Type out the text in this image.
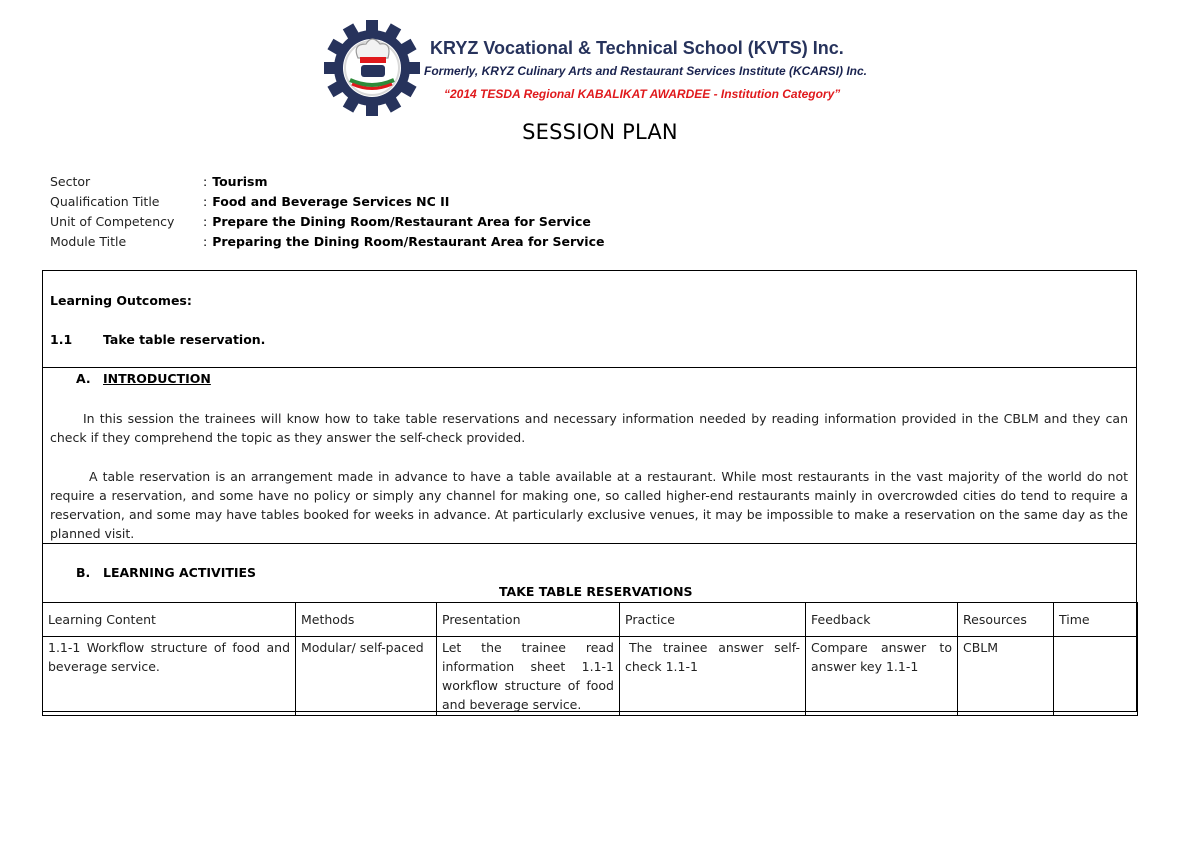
KRYZ Vocational & Technical School (KVTS) Inc.
Formerly, KRYZ Culinary Arts and Restaurant Services Institute (KCARSI) Inc.
“2014 TESDA Regional KABALIKAT AWARDEE - Institution Category”
SESSION PLAN
Sector	: Tourism
Qualification Title	: Food and Beverage Services NC II
Unit of Competency	: Prepare the Dining Room/Restaurant Area for Service
Module Title	: Preparing the Dining Room/Restaurant Area for Service
Learning Outcomes:
1.1 Take table reservation.
A. INTRODUCTION
In this session the trainees will know how to take table reservations and necessary information needed by reading information provided in the CBLM and they can check if they comprehend the topic as they answer the self-check provided.
A table reservation is an arrangement made in advance to have a table available at a restaurant. While most restaurants in the vast majority of the world do not require a reservation, and some have no policy or simply any channel for making one, so called higher-end restaurants mainly in overcrowded cities do tend to require a reservation, and some may have tables booked for weeks in advance. At particularly exclusive venues, it may be impossible to make a reservation on the same day as the planned visit.
B. LEARNING ACTIVITIES
TAKE TABLE RESERVATIONS
Learning Content	Methods	Presentation	Practice	Feedback	Resources	Time
1.1-1 Workflow structure of food and beverage service.	Modular/ self-paced	Let the trainee read information sheet 1.1-1 workflow structure of food and beverage service.	The trainee answer self-check 1.1-1	Compare answer to answer key 1.1-1	CBLM	
